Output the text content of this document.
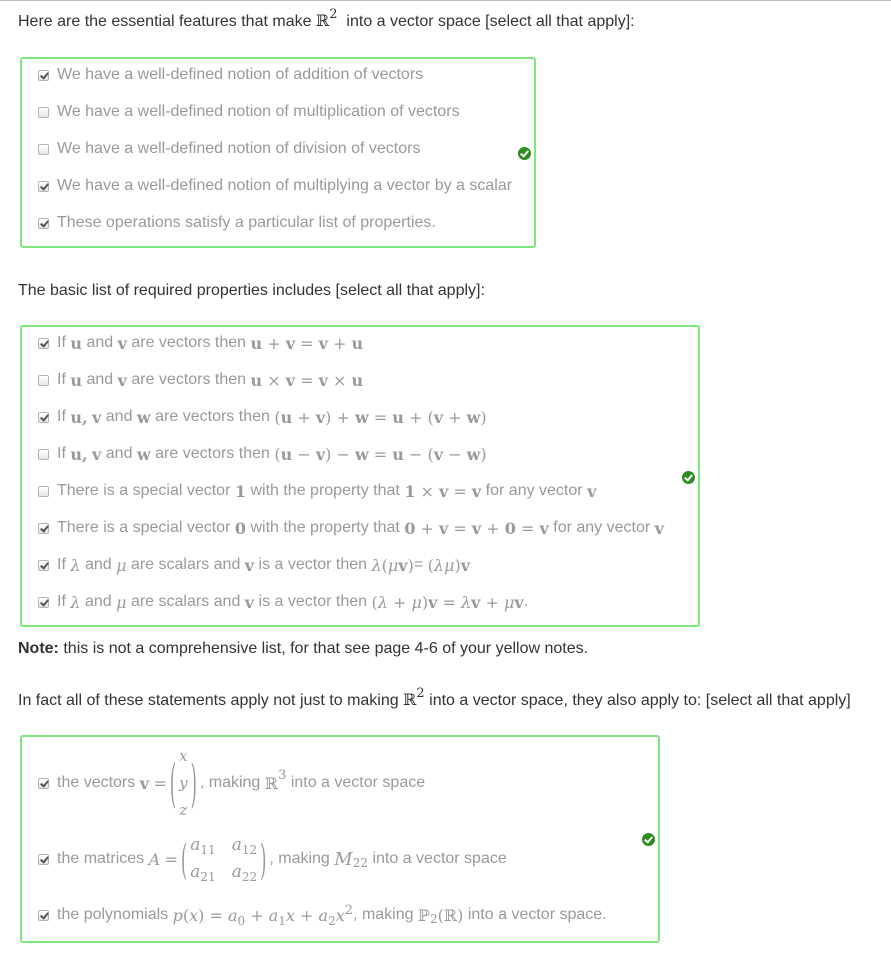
Here are the essential features that make ℝ$^2$ into a vector space [select all that apply]:
We have a well-defined notion of addition of vectors
We have a well-defined notion of multiplication of vectors
We have a well-defined notion of division of vectors
We have a well-defined notion of multiplying a vector by a scalar
These operations satisfy a particular list of properties.
The basic list of required properties includes [select all that apply]:
If
u
and
v
are vectors then
u + v = v + u
If
u
and
v
are vectors then
u × v = v × u
If
u ,
v
and
w
are vectors then
(u + v) + w = u + (v + w)
If
u ,
v
and
w
are vectors then
(u − v) − w = u − (v − w)
There is a special vector
1
with the property that
1 × v = v
for any vector
v
There is a special vector
0
with the property that
0 + v = v + 0 = v
for any vector
v
If
λ
and
μ
are scalars and
v
is a vector then
λ(μv) =
(λμ)v
If
λ
and
μ
are scalars and
v
is a vector then
(λ + μ)v = λv + μv .
Note: this is not a comprehensive list, for that see page 4-6 of your yellow notes.
In fact all of these statements apply not just to making ℝ$^2$ into a vector space, they also apply to: [select all that apply]
the vectors
v
= ( x
y
z ) , making
ℝ 3
into a vector space
the matrices
A
= ( $a_{11}$ $a_{12}$
$a_{21}$ $a_{22}$ ) , making
M 22
into a vector space
the polynomials
$p(x) = a_0 + a_1x + a_2x^2$ , making
ℙ 2 (ℝ)
into a vector space.
